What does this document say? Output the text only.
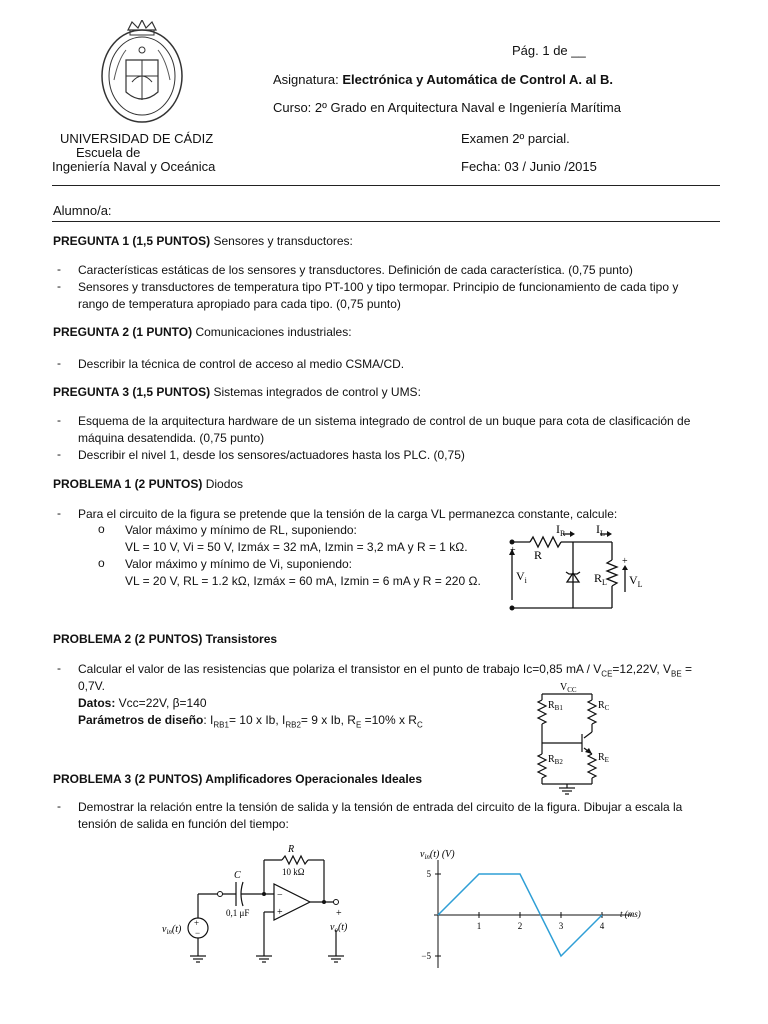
Pág. 1 de __
Asignatura: Electrónica y Automática de Control A. al B.
Curso: 2º Grado en Arquitectura Naval e Ingeniería Marítima
UNIVERSIDAD DE CÁDIZ
Escuela de
Ingeniería Naval y Oceánica
Examen 2º parcial.
Fecha: 03 / Junio /2015
Alumno/a:
PREGUNTA 1 (1,5 PUNTOS) Sensores y transductores:
- Características estáticas de los sensores y transductores. Definición de cada característica. (0,75 punto)
- Sensores y transductores de temperatura tipo PT-100 y tipo termopar. Principio de funcionamiento de cada tipo y rango de temperatura apropiado para cada tipo. (0,75 punto)
PREGUNTA 2 (1 PUNTO) Comunicaciones industriales:
- Describir la técnica de control de acceso al medio CSMA/CD.
PREGUNTA 3 (1,5 PUNTOS) Sistemas integrados de control y UMS:
- Esquema de la arquitectura hardware de un sistema integrado de control de un buque para cota de clasificación de máquina desatendida. (0,75 punto)
- Describir el nivel 1, desde los sensores/actuadores hasta los PLC. (0,75)
PROBLEMA 1 (2 PUNTOS) Diodos
- Para el circuito de la figura se pretende que la tensión de la carga VL permanezca constante, calcule:
o Valor máximo y mínimo de RL, suponiendo:
VL = 10 V, Vi = 50 V, Izmáx = 32 mA, Izmin = 3,2 mA y R = 1 kΩ.
o Valor máximo y mínimo de Vi, suponiendo:
VL = 20 V, RL = 1.2 kΩ, Izmáx = 60 mA, Izmin = 6 mA y R = 220 Ω.
$I_R$	$I_L$
R
+
$V_i$	$R_L$
+
$V_L$
PROBLEMA 2 (2 PUNTOS) Transistores
- Calcular el valor de las resistencias que polariza el transistor en el punto de trabajo Ic=0,85 mA / $V_{CE}=12,22V$, $V_{BE}$ =
0,7V.
Datos: Vcc=22V, β=140
Parámetros de diseño: $I_{RB1}= 10$ x Ib, $I_{RB2}= 9$ x Ib, $R_E =10\%$ x $R_C$
$V_{CC}$
$R_{B1}$	$R_C$
$R_{B2}$	$R_E$
PROBLEMA 3 (2 PUNTOS) Amplificadores Operacionales Ideales
- Demostrar la relación entre la tensión de salida y la tensión de entrada del circuito de la figura. Dibujar a escala la
tensión de salida en función del tiempo:
+
−
−
+
R
10 kΩ
C
0,1 μF
$v_{in}(t)$
+
$v_o(t)$
$v_{in}(t)$ (V)
t (ms)
1	2	3	4
5
−5
